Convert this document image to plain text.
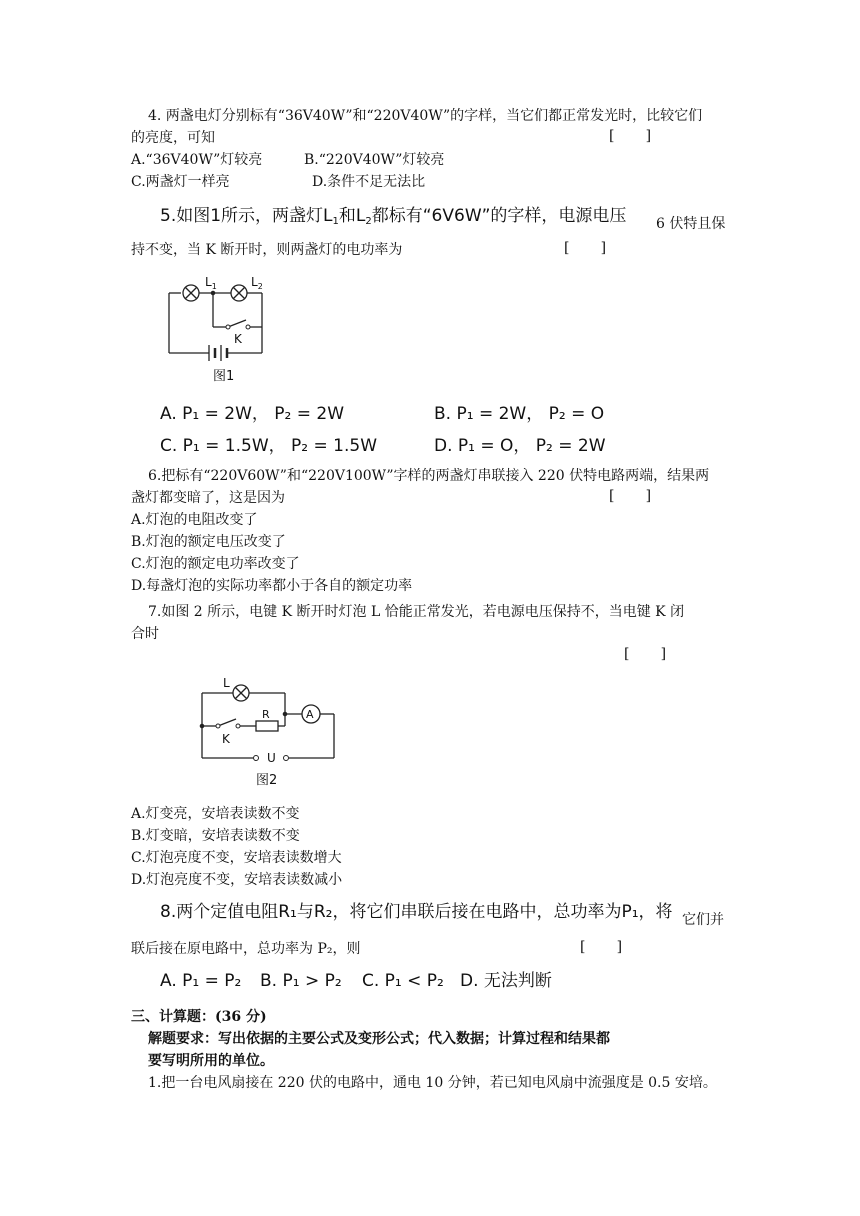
4. 两盏电灯分别标有“36V40W”和“220V40W”的字样，当它们都正常发光时，比较它们
的亮度，可知	[       ]
A.“36V40W”灯较亮	B.“220V40W”灯较亮
C.两盏灯一样亮	D.条件不足无法比
5.如图1所示，两盏灯$L_1$和$L_2$都标有“6V6W”的字样，电源电压 6 伏特且保
持不变，当 K 断开时，则两盏灯的电功率为	[       ]
$L_1$	$L_2$
K
图1
A. P₁ = 2W， P₂ = 2W	B. P₁ = 2W， P₂ = O
C. P₁ = 1.5W， P₂ = 1.5W	D. P₁ = O， P₂ = 2W
6.把标有“220V60W”和“220V100W”字样的两盏灯串联接入 220 伏特电路两端，结果两
盏灯都变暗了，这是因为	[       ]
A.灯泡的电阻改变了
B.灯泡的额定电压改变了
C.灯泡的额定电功率改变了
D.每盏灯泡的实际功率都小于各自的额定功率
7.如图 2 所示，电键 K 断开时灯泡 L 恰能正常发光，若电源电压保持不，当电键 K 闭
合时
[       ]
L
R
K
A
U
图2
A.灯变亮，安培表读数不变
B.灯变暗，安培表读数不变
C.灯泡亮度不变，安培表读数增大
D.灯泡亮度不变，安培表读数减小
8.两个定值电阻R₁与R₂，将它们串联后接在电路中，总功率为P₁，将 它们并
联后接在原电路中，总功率为 P₂，则	[       ]
A. P₁ = P₂ B. P₁ > P₂ C. P₁ < P₂ D. 无法判断
三、计算题：(36 分)
解题要求：写出依据的主要公式及变形公式；代入数据；计算过程和结果都
要写明所用的单位。
1.把一台电风扇接在 220 伏的电路中，通电 10 分钟，若已知电风扇中流强度是 0.5 安培。
